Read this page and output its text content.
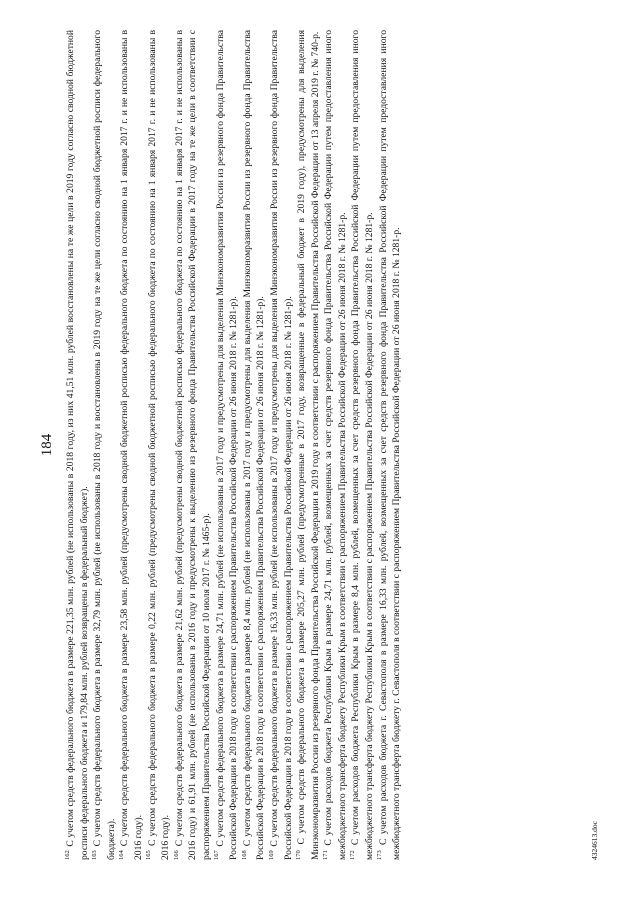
184

$^{162}$ С учетом средств федерального бюджета в размере 221,35 млн. рублей (не использованы в 2018 году, из них 41,51 млн. рублей восстановлены на те же цели в 2019 году согласно сводной бюджетной росписи федерального бюджета и 179,84 млн. рублей возвращены в федеральный бюджет). $^{163}$ С учетом средств федерального бюджета в размере 32,79 млн. рублей (не использованы в 2018 году и восстановлены в 2019 году на те же цели согласно сводной бюджетной росписи федерального бюджета). $^{164}$ С учетом средств федерального бюджета в размере 23,58 млн. рублей (предусмотрены сводной бюджетной росписью федерального бюджета по состоянию на 1 января 2017 г. и не использованы в 2016 году). $^{165}$ С учетом средств федерального бюджета в размере 0,22 млн. рублей (предусмотрены сводной бюджетной росписью федерального бюджета по состоянию на 1 января 2017 г. и не использованы в 2016 году). $^{166}$ С учетом средств федерального бюджета в размере 21,62 млн. рублей (предусмотрены сводной бюджетной росписью федерального бюджета по состоянию на 1 января 2017 г. и не использованы в 2016 году) и 61,91 млн. рублей (не использованы в 2016 году и предусмотрены к выделению из резервного фонда Правительства Российской Федерации в 2017 году на те же цели в соответствии с распоряжением Правительства Российской Федерации от 10 июля 2017 г. № 1465-р). $^{167}$ С учетом средств федерального бюджета в размере 24,71 млн. рублей (не использованы в 2017 году и предусмотрены для выделения Минэкономразвития России из резервного фонда Правительства Российской Федерации в 2018 году в соответствии с распоряжением Правительства Российской Федерации от 26 июня 2018 г. № 1281-р). $^{168}$ С учетом средств федерального бюджета в размере 8,4 млн. рублей (не использованы в 2017 году и предусмотрены для выделения Минэкономразвития России из резервного фонда Правительства Российской Федерации в 2018 году в соответствии с распоряжением Правительства Российской Федерации от 26 июня 2018 г. № 1281-р). $^{169}$ С учетом средств федерального бюджета в размере 16,33 млн. рублей (не использованы в 2017 году и предусмотрены для выделения Минэкономразвития России из резервного фонда Правительства Российской Федерации в 2018 году в соответствии с распоряжением Правительства Российской Федерации от 26 июня 2018 г. № 1281-р). $^{170}$ С учетом средств федерального бюджета в размере 205,27 млн. рублей (предусмотренные в 2017 году, возвращенные в федеральный бюджет в 2019 году), предусмотрены для выделения Минэкономразвития России из резервного фонда Правительства Российской Федерации в 2019 году в соответствии с распоряжением Правительства Российской Федерации от 13 апреля 2019 г. № 740-р. $^{171}$ С учетом расходов бюджета Республики Крым в размере 24,71 млн. рублей, возмещенных за счет средств резервного фонда Правительства Российской Федерации путем предоставления иного межбюджетного трансферта бюджету Республики Крым в соответствии с распоряжением Правительства Российской Федерации от 26 июня 2018 г. № 1281-р. $^{172}$ С учетом расходов бюджета Республики Крым в размере 8,4 млн. рублей, возмещенных за счет средств резервного фонда Правительства Российской Федерации путем предоставления иного межбюджетного трансферта бюджету Республики Крым в соответствии с распоряжением Правительства Российской Федерации от 26 июня 2018 г. № 1281-р. $^{173}$ С учетом расходов бюджета г. Севастополя в размере 16,33 млн. рублей, возмещенных за счет средств резервного фонда Правительства Российской Федерации путем предоставления иного межбюджетного трансферта бюджету г. Севастополя в соответствии с распоряжением Правительства Российской Федерации от 26 июня 2018 г. № 1281-р.	4324613.doc
